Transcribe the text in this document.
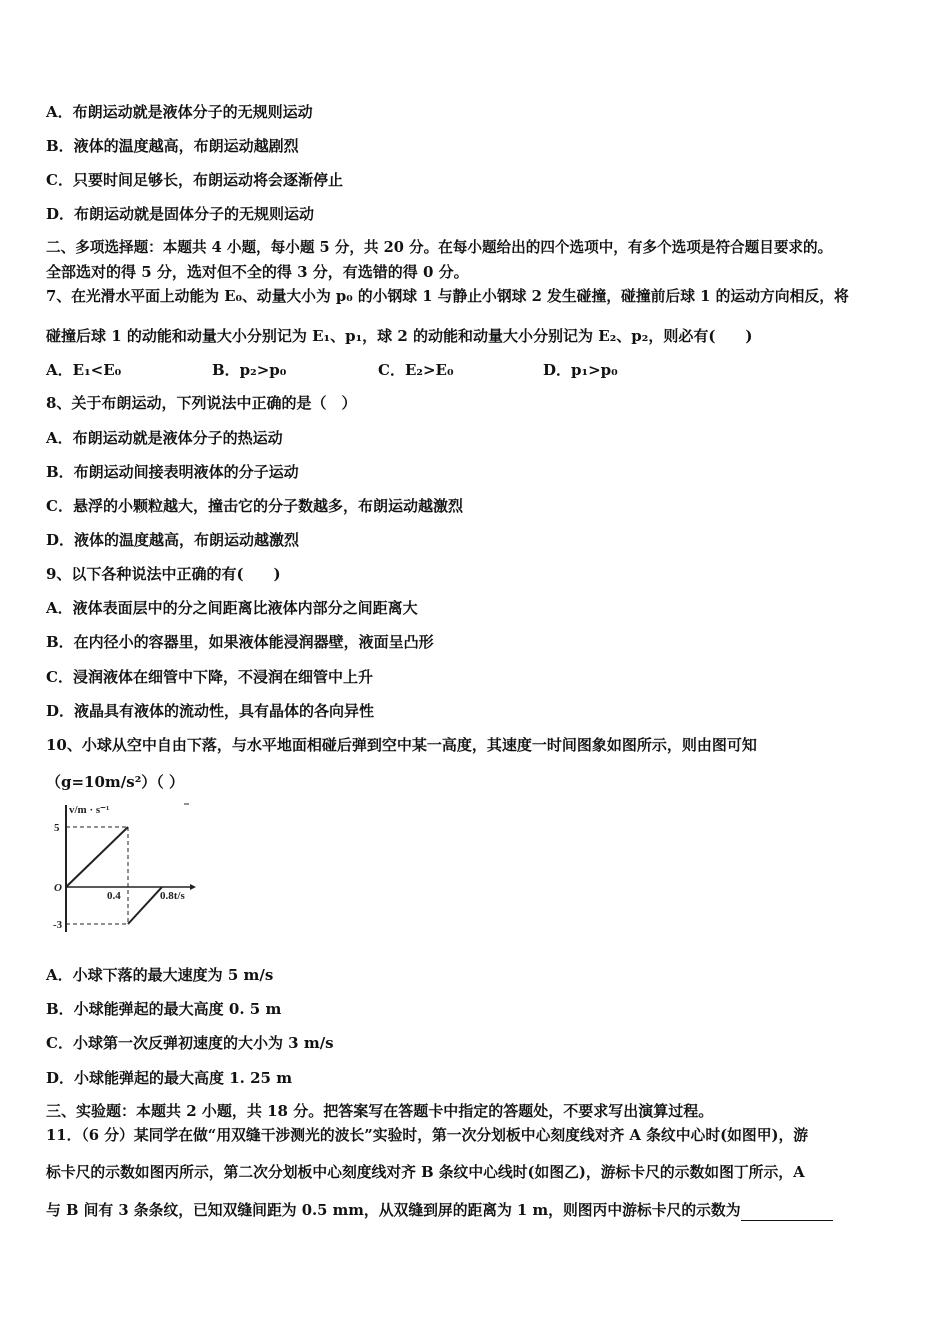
A．布朗运动就是液体分子的无规则运动
B．液体的温度越高，布朗运动越剧烈
C．只要时间足够长，布朗运动将会逐渐停止
D．布朗运动就是固体分子的无规则运动
二、多项选择题：本题共 4 小题，每小题 5 分，共 20 分。在每小题给出的四个选项中，有多个选项是符合题目要求的。
全部选对的得 5 分，选对但不全的得 3 分，有选错的得 0 分。
7、在光滑水平面上动能为 E₀、动量大小为 p₀ 的小钢球 1 与静止小钢球 2 发生碰撞，碰撞前后球 1 的运动方向相反，将
碰撞后球 1 的动能和动量大小分别记为 E₁、p₁，球 2 的动能和动量大小分别记为 E₂、p₂，则必有(　　)
A．E₁<E₀	B．p₂>p₀	C．E₂>E₀	D．p₁>p₀
8、关于布朗运动，下列说法中正确的是（　）
A．布朗运动就是液体分子的热运动
B．布朗运动间接表明液体的分子运动
C．悬浮的小颗粒越大，撞击它的分子数越多，布朗运动越激烈
D．液体的温度越高，布朗运动越激烈
9、以下各种说法中正确的有(　　)
A．液体表面层中的分之间距离比液体内部分之间距离大
B．在内径小的容器里，如果液体能浸润器壁，液面呈凸形
C．浸润液体在细管中下降，不浸润在细管中上升
D．液晶具有液体的流动性，具有晶体的各向异性
10、小球从空中自由下落，与水平地面相碰后弹到空中某一高度，其速度一时间图象如图所示，则由图可知
（g=10m/s²）（ ）
v/m · s⁻¹
5
O
0.4	0.8t/s
-3
A．小球下落的最大速度为 5 m/s
B．小球能弹起的最大高度 0. 5 m
C．小球第一次反弹初速度的大小为 3 m/s
D．小球能弹起的最大高度 1. 25 m
三、实验题：本题共 2 小题，共 18 分。把答案写在答题卡中指定的答题处，不要求写出演算过程。
11．（6 分）某同学在做“用双缝干涉测光的波长”实验时，第一次分划板中心刻度线对齐 A 条纹中心时(如图甲)，游
标卡尺的示数如图丙所示，第二次分划板中心刻度线对齐 B 条纹中心线时(如图乙)，游标卡尺的示数如图丁所示，A
与 B 间有 3 条条纹，已知双缝间距为 0.5 mm，从双缝到屏的距离为 1 m，则图丙中游标卡尺的示数为
